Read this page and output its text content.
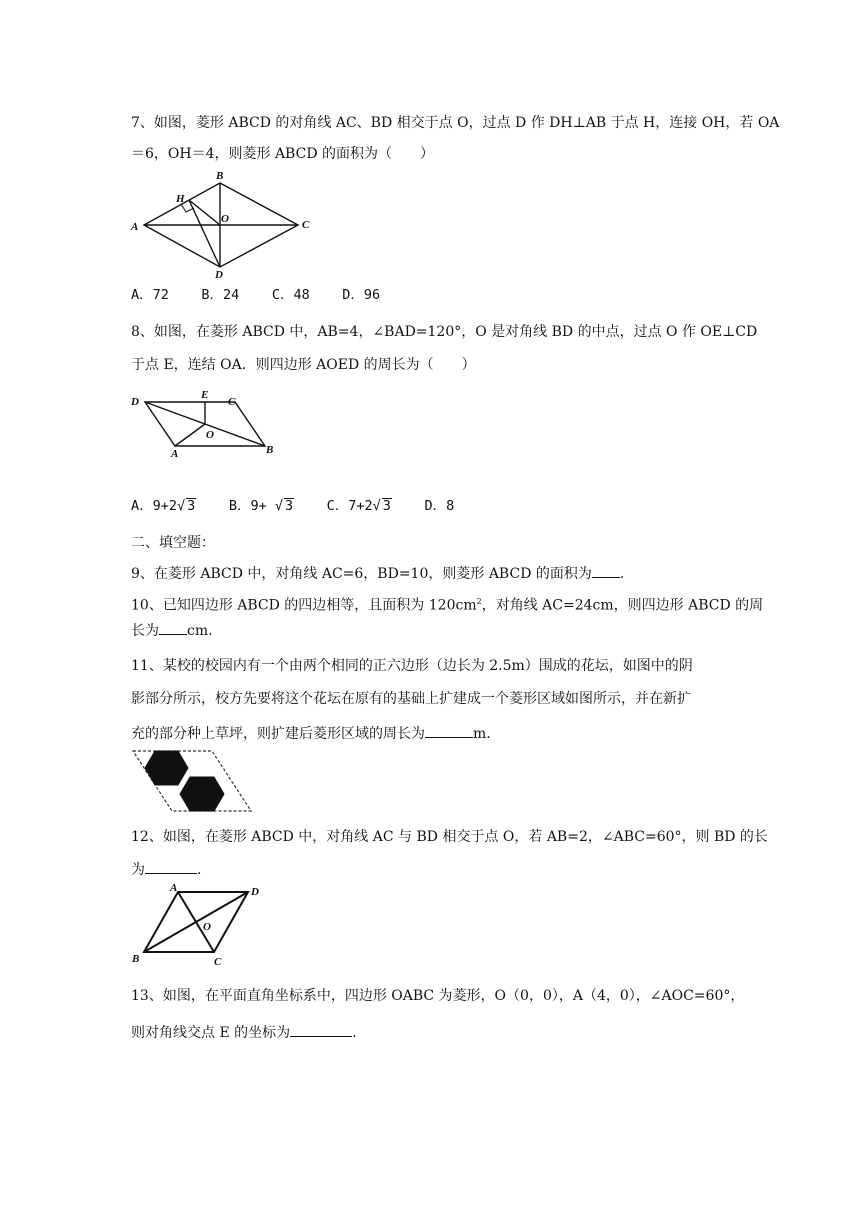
7、如图，菱形 ABCD 的对角线 AC、BD 相交于点 O，过点 D 作 DH⊥AB 于点 H，连接 OH，若 OA
＝6，OH＝4，则菱形 ABCD 的面积为（　　）
A
B
C
D
H
O
A．72 B．24 C．48 D．96
8、如图，在菱形 ABCD 中，AB=4，∠BAD=120°，O 是对角线 BD 的中点，过点 O 作 OE⊥CD
于点 E，连结 OA．则四边形 AOED 的周长为（　　）
D
E
C
O
A	B
A．9+2√ 3 B．9+ √ 3 C．7+2√ 3 D．8
二、填空题：
9、在菱形 ABCD 中，对角线 AC=6，BD=10，则菱形 ABCD 的面积为 .
10、已知四边形 ABCD 的四边相等，且面积为 $120cm^2$，对角线 AC=24cm，则四边形 ABCD 的周
长为 cm.
11、某校的校园内有一个由两个相同的正六边形（边长为 2.5m）围成的花坛，如图中的阴
影部分所示，校方先要将这个花坛在原有的基础上扩建成一个菱形区域如图所示，并在新扩
充的部分种上草坪，则扩建后菱形区域的周长为	m.
12、如图，在菱形 ABCD 中，对角线 AC 与 BD 相交于点 O，若 AB=2，∠ABC=60°，则 BD 的长
为	.
A	D
O
B	C
13、如图，在平面直角坐标系中，四边形 OABC 为菱形，O（0，0），A（4，0），∠AOC=60°，
则对角线交点 E 的坐标为	.
